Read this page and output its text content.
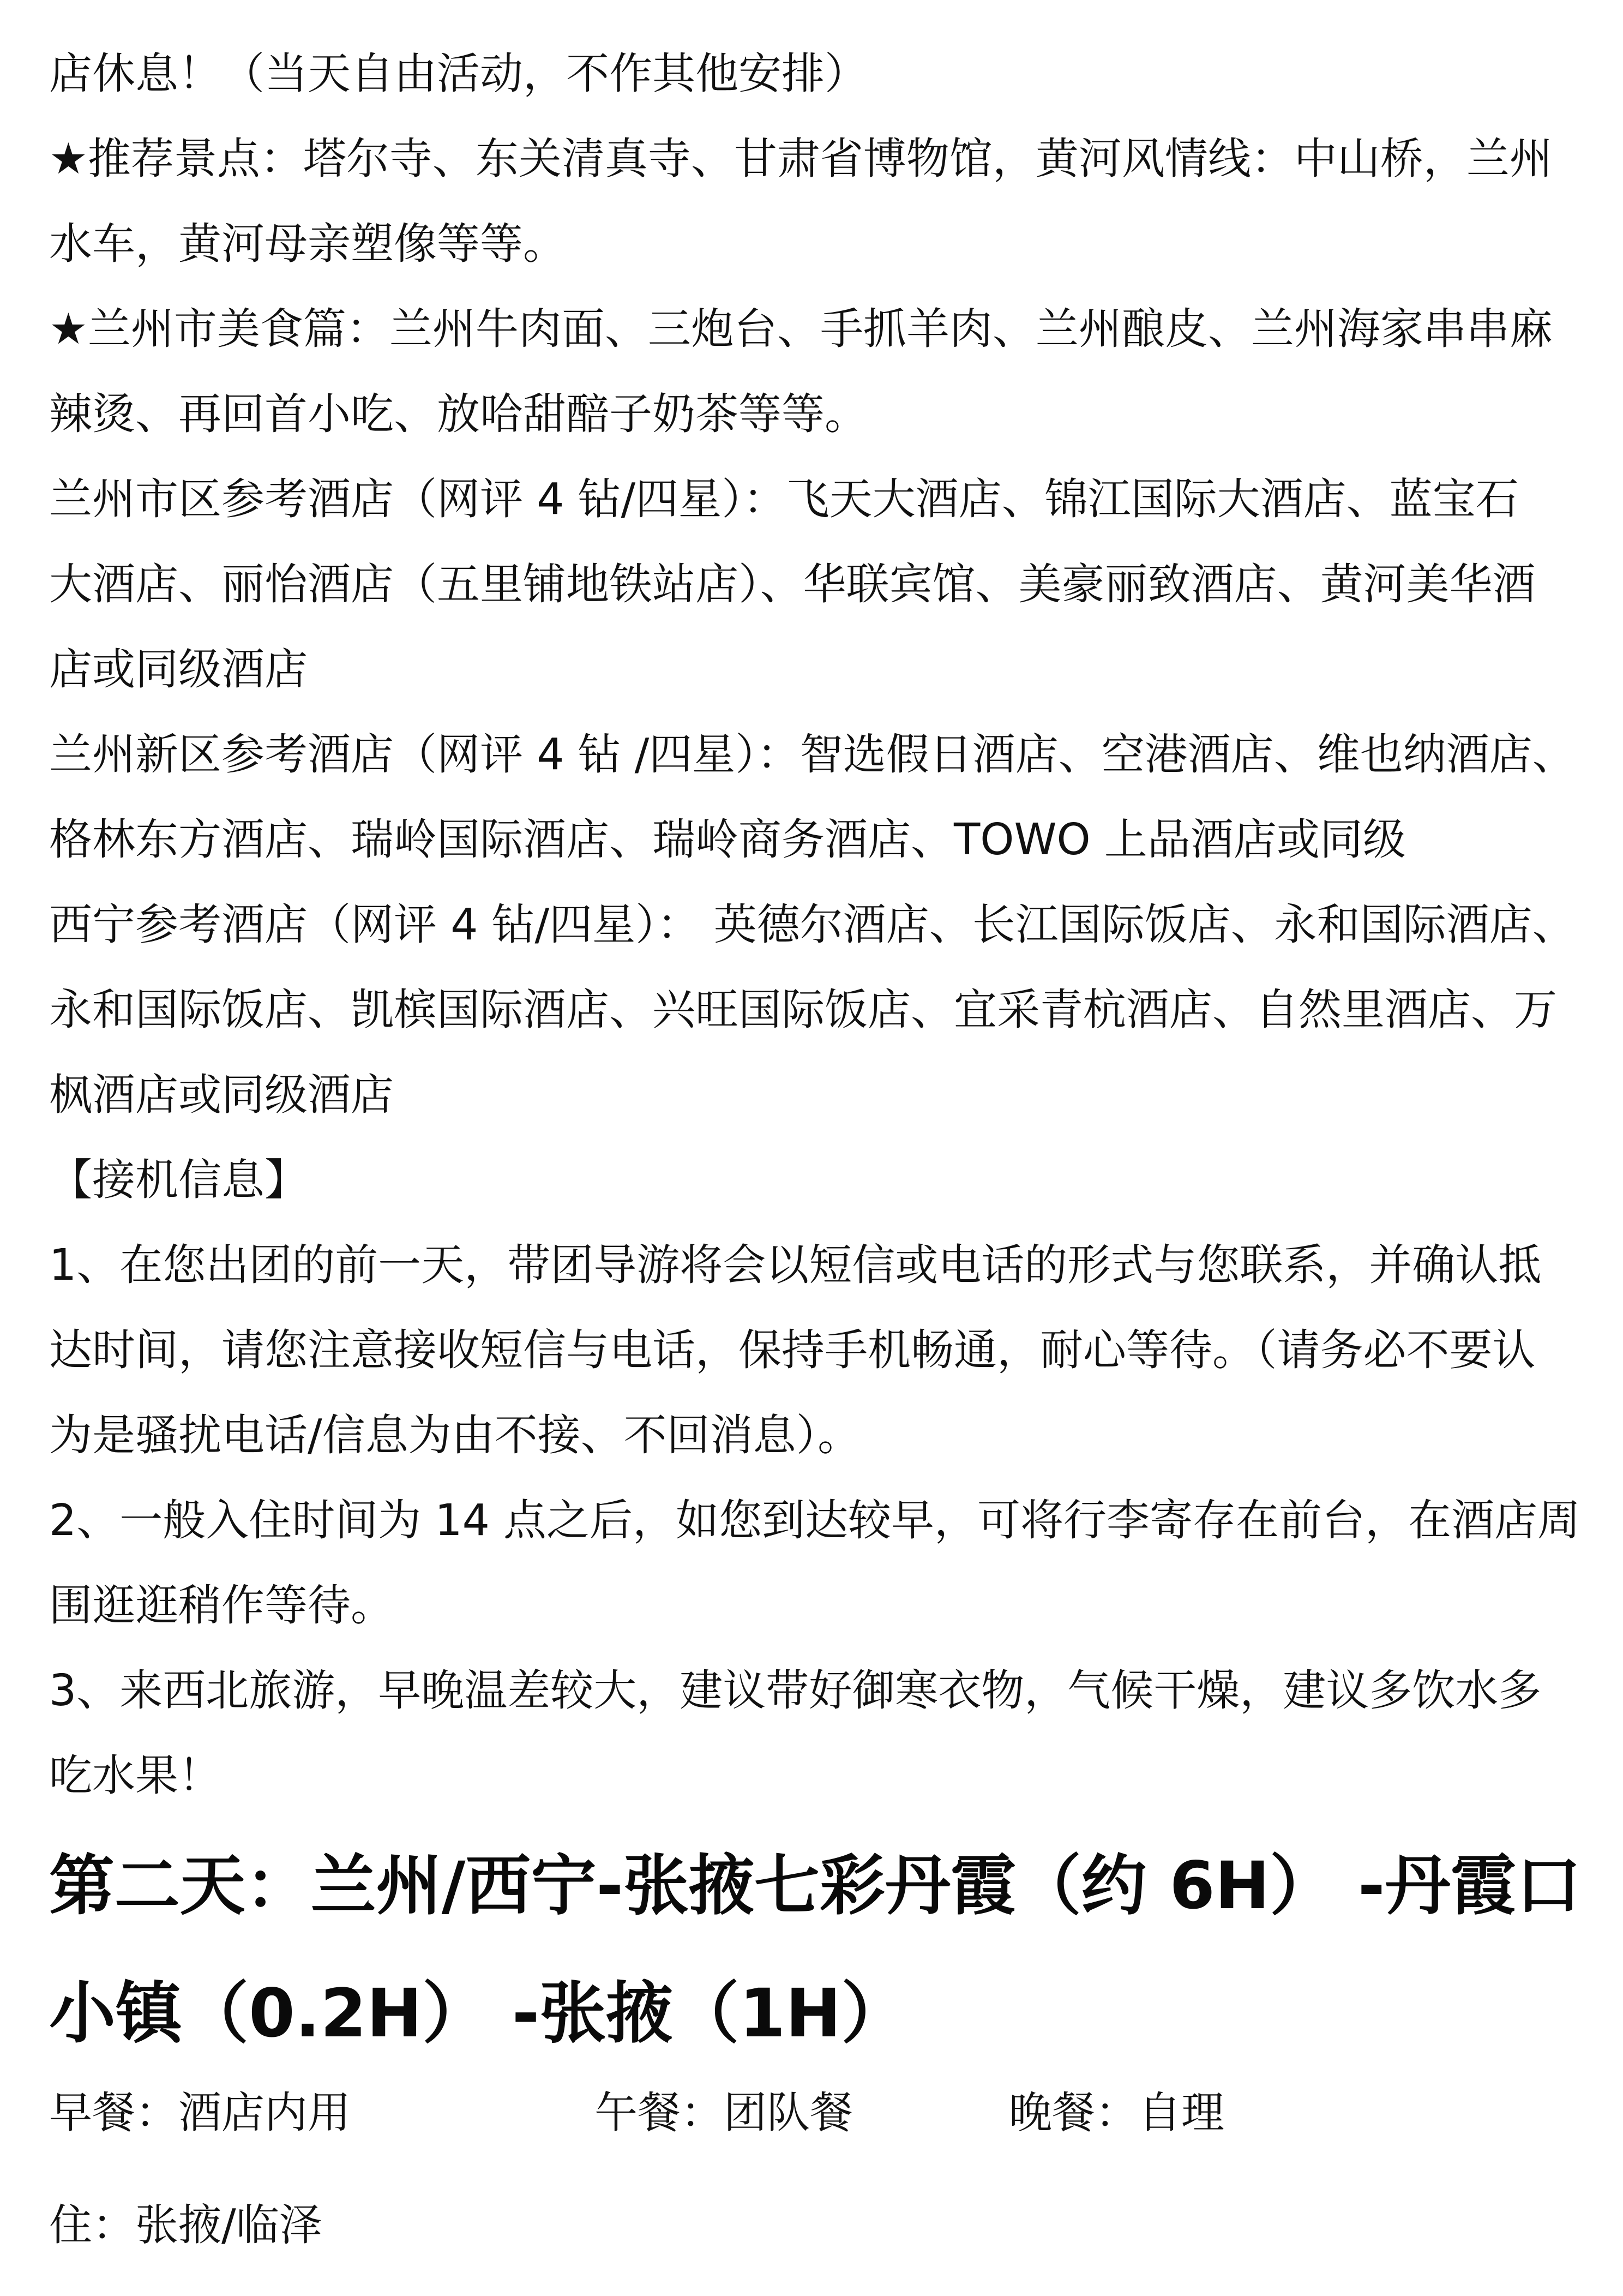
店休息！（当天自由活动，不作其他安排）
★推荐景点：塔尔寺、东关清真寺、甘肃省博物馆，黄河风情线：中山桥，兰州
水车，黄河母亲塑像等等。
★兰州市美食篇：兰州牛肉面、三炮台、手抓羊肉、兰州酿皮、兰州海家串串麻
辣烫、再回首小吃、放哈甜醅子奶茶等等。
兰州市区参考酒店（网评 4 钻/四星）：飞天大酒店、锦江国际大酒店、蓝宝石
大酒店、丽怡酒店（五里铺地铁站店）、华联宾馆、美豪丽致酒店、黄河美华酒
店或同级酒店
兰州新区参考酒店（网评 4 钻 /四星）：智选假日酒店、空港酒店、维也纳酒店、
格林东方酒店、瑞岭国际酒店、瑞岭商务酒店、TOWO 上品酒店或同级
西宁参考酒店（网评 4 钻/四星）： 英德尔酒店、长江国际饭店、永和国际酒店、
永和国际饭店、凯槟国际酒店、兴旺国际饭店、宜采青杭酒店、自然里酒店、万
枫酒店或同级酒店
【接机信息】
1、在您出团的前一天，带团导游将会以短信或电话的形式与您联系，并确认抵
达时间，请您注意接收短信与电话，保持手机畅通，耐心等待。（请务必不要认
为是骚扰电话/信息为由不接、不回消息）。
2、一般入住时间为 14 点之后，如您到达较早，可将行李寄存在前台，在酒店周
围逛逛稍作等待。
3、来西北旅游，早晚温差较大，建议带好御寒衣物，气候干燥，建议多饮水多
吃水果！
第二天：兰州/西宁-张掖七彩丹霞（约 6H） -丹霞口
小镇（0.2H） -张掖（1H）
早餐：酒店内用	午餐：团队餐	晚餐：自理
住：张掖/临泽
